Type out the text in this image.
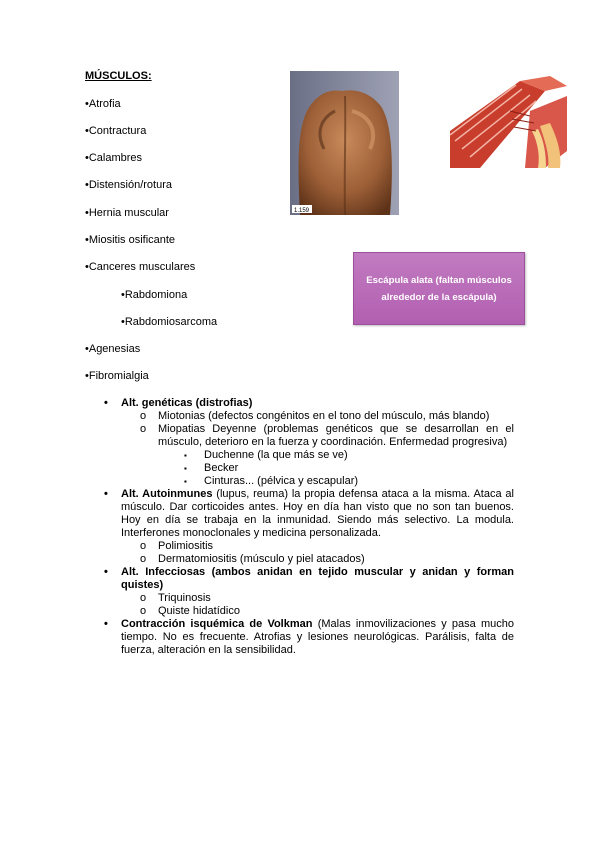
MÚSCULOS:
•Atrofia
•Contractura
•Calambres
•Distensión/rotura
•Hernia muscular
•Miositis osificante
•Canceres musculares
•Rabdomiona
•Rabdomiosarcoma
•Agenesias
•Fibromialgia
1.159
Escápula alata (faltan músculos alrededor de la escápula)
• Alt. genéticas (distrofias)
o Miotonias (defectos congénitos en el tono del músculo, más blando)
o Miopatias Deyenne (problemas genéticos que se desarrollan en el músculo, deterioro en la fuerza y coordinación. Enfermedad progresiva)
▪ Duchenne (la que más se ve)
▪ Becker
▪ Cinturas... (pélvica y escapular)
• Alt. Autoinmunes (lupus, reuma) la propia defensa ataca a la misma. Ataca al músculo. Dar corticoides antes. Hoy en día han visto que no son tan buenos. Hoy en día se trabaja en la inmunidad. Siendo más selectivo. La modula. Interferones monoclonales y medicina personalizada.
o Polimiositis
o Dermatomiositis (músculo y piel atacados)
• Alt. Infecciosas (ambos anidan en tejido muscular y anidan y forman quistes)
o Triquinosis
o Quiste hidatídico
• Contracción isquémica de Volkman (Malas inmovilizaciones y pasa mucho tiempo. No es frecuente. Atrofias y lesiones neurológicas. Parálisis, falta de fuerza, alteración en la sensibilidad.
